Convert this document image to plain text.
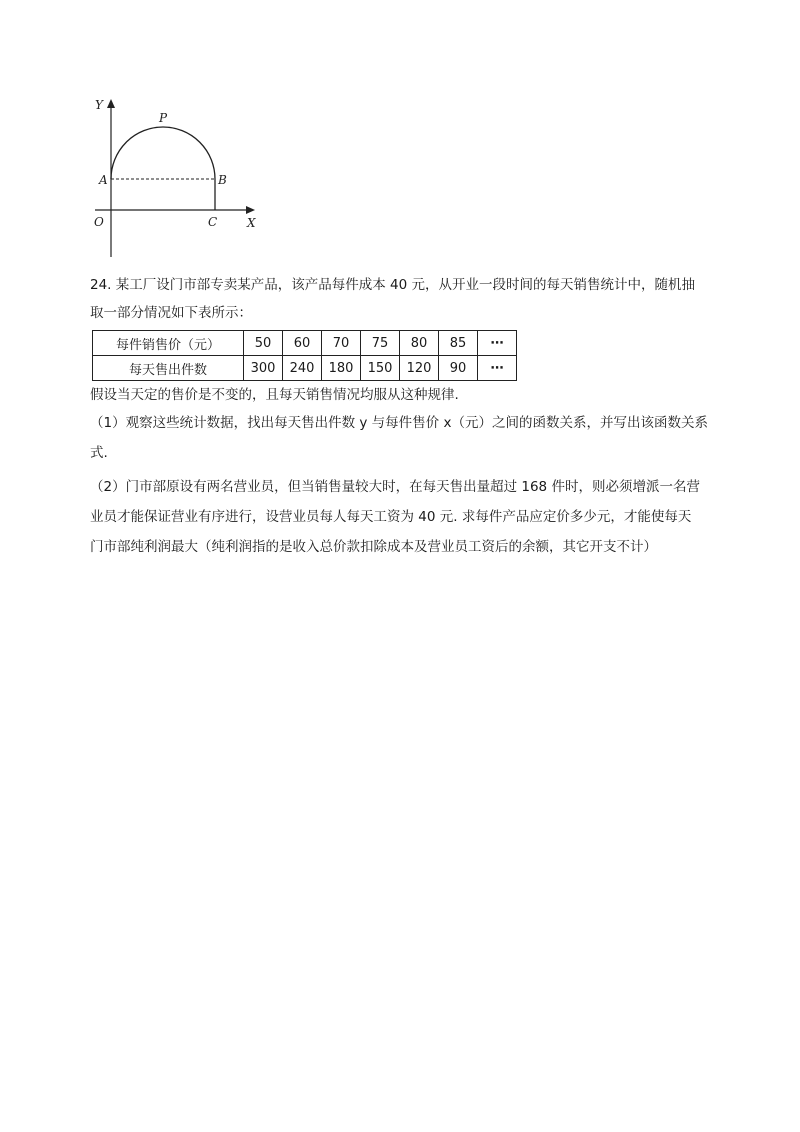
Y
X
O
A	B
P
C
24. 某工厂设门市部专卖某产品，该产品每件成本 40 元，从开业一段时间的每天销售统计中，随机抽
取一部分情况如下表所示：
每件销售价（元）	50	60	70	75	80	85	⋯
每天售出件数	300	240	180	150	120	90	⋯
假设当天定的售价是不变的，且每天销售情况均服从这种规律.
（1）观察这些统计数据，找出每天售出件数 y 与每件售价 x（元）之间的函数关系，并写出该函数关系
式.
（2）门市部原设有两名营业员，但当销售量较大时，在每天售出量超过 168 件时，则必须增派一名营
业员才能保证营业有序进行，设营业员每人每天工资为 40 元. 求每件产品应定价多少元，才能使每天
门市部纯利润最大（纯利润指的是收入总价款扣除成本及营业员工资后的余额，其它开支不计）
